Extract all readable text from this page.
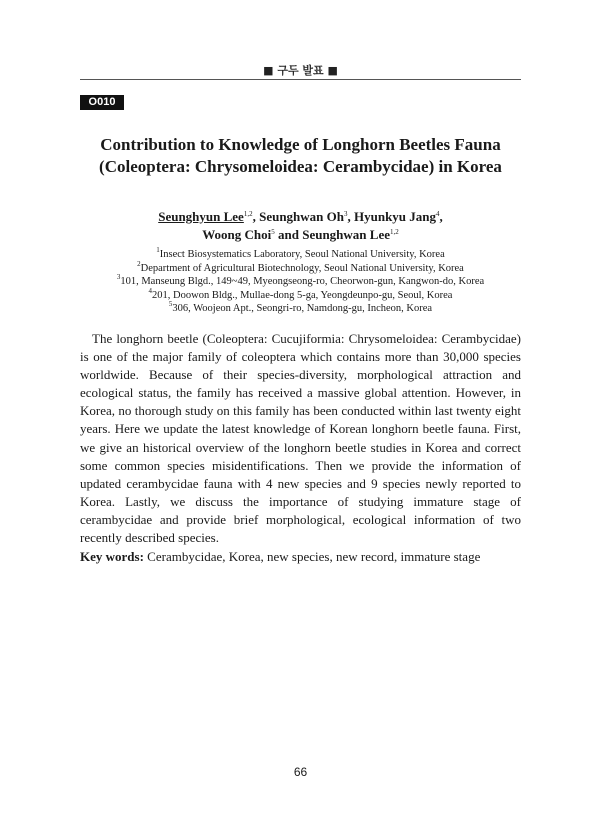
■ 구두 발표 ■
O010
Contribution to Knowledge of Longhorn Beetles Fauna
(Coleoptera: Chrysomeloidea: Cerambycidae) in Korea
Seunghyun Lee$^{1,2}$, Seunghwan Oh$^3$, Hyunkyu Jang$^4$,
Woong Choi$^5$ and Seunghwan Lee$^{1,2}$
$^1$Insect Biosystematics Laboratory, Seoul National University, Korea
$^2$Department of Agricultural Biotechnology, Seoul National University, Korea
$^3$101, Manseung Blgd., 149~49, Myeongseong-ro, Cheorwon-gun, Kangwon-do, Korea
$^4$201, Doowon Bldg., Mullae-dong 5-ga, Yeongdeunpo-gu, Seoul, Korea
$^5$306, Woojeon Apt., Seongri-ro, Namdong-gu, Incheon, Korea

The longhorn beetle (Coleoptera: Cucujiformia: Chrysomeloidea: Cerambycidae) is one of the major family of coleoptera which contains more than 30,000 species worldwide. Because of their species-diversity, morphological attraction and ecological status, the family has received a massive global attention. However, in Korea, no thorough study on this family has been conducted within last twenty eight years. Here we update the latest knowledge of Korean longhorn beetle fauna. First, we give an historical overview of the longhorn beetle studies in Korea and correct some common species misidentifications. Then we provide the information of updated cerambycidae fauna with 4 new species and 9 species newly reported to Korea. Lastly, we discuss the importance of studying immature stage of cerambycidae and provide brief morphological, ecological information of two recently described species.

Key words: Cerambycidae, Korea, new species, new record, immature stage
66
